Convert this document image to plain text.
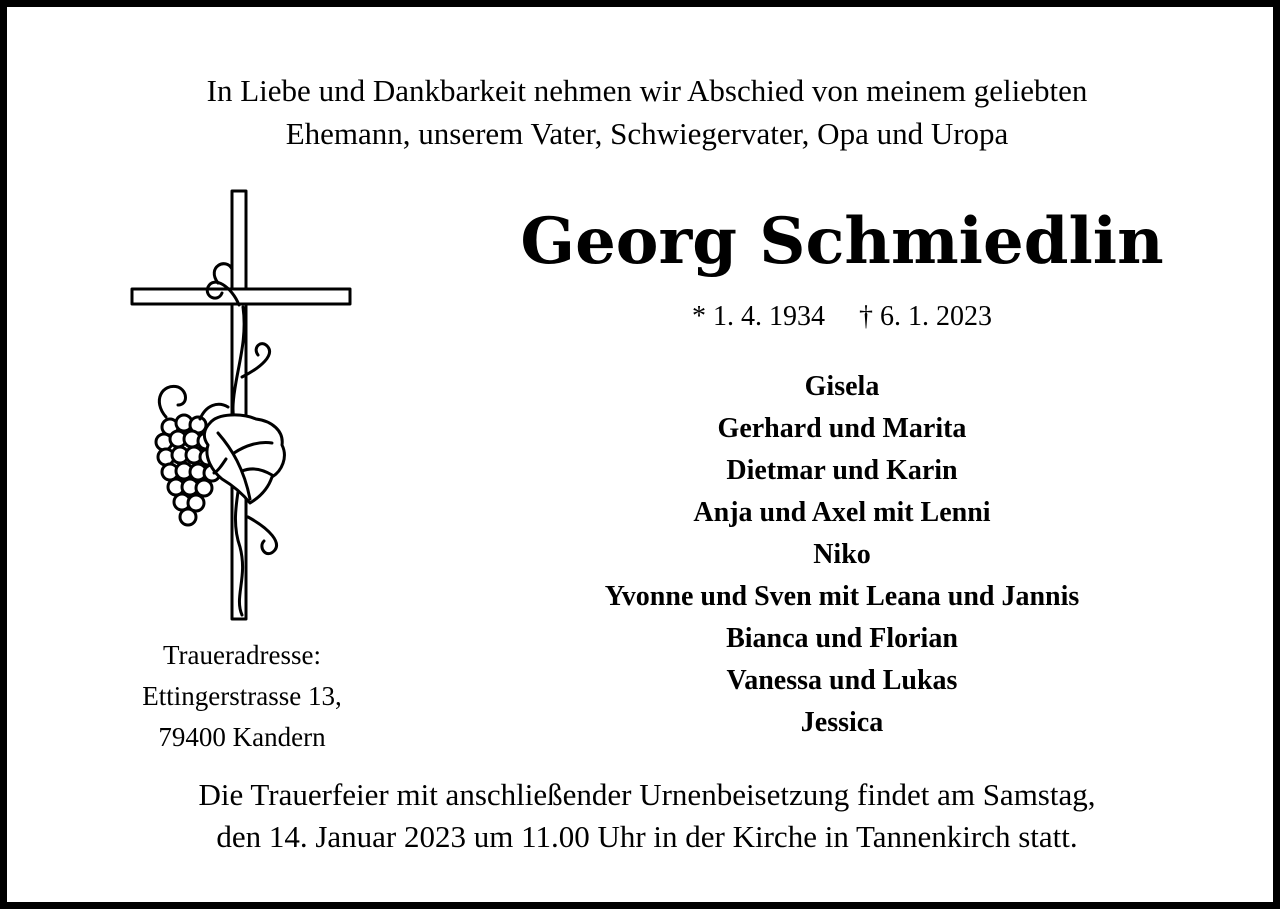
In Liebe und Dankbarkeit nehmen wir Abschied von meinem geliebten
Ehemann, unserem Vater, Schwiegervater, Opa und Uropa
Traueradresse:
Ettingerstrasse 13,
79400 Kandern
Georg Schmiedlin
* 1. 4. 1934 † 6. 1. 2023
Gisela
Gerhard und Marita
Dietmar und Karin
Anja und Axel mit Lenni
Niko
Yvonne und Sven mit Leana und Jannis
Bianca und Florian
Vanessa und Lukas
Jessica
Die Trauerfeier mit anschließender Urnenbeisetzung findet am Samstag,
den 14. Januar 2023 um 11.00 Uhr in der Kirche in Tannenkirch statt.
